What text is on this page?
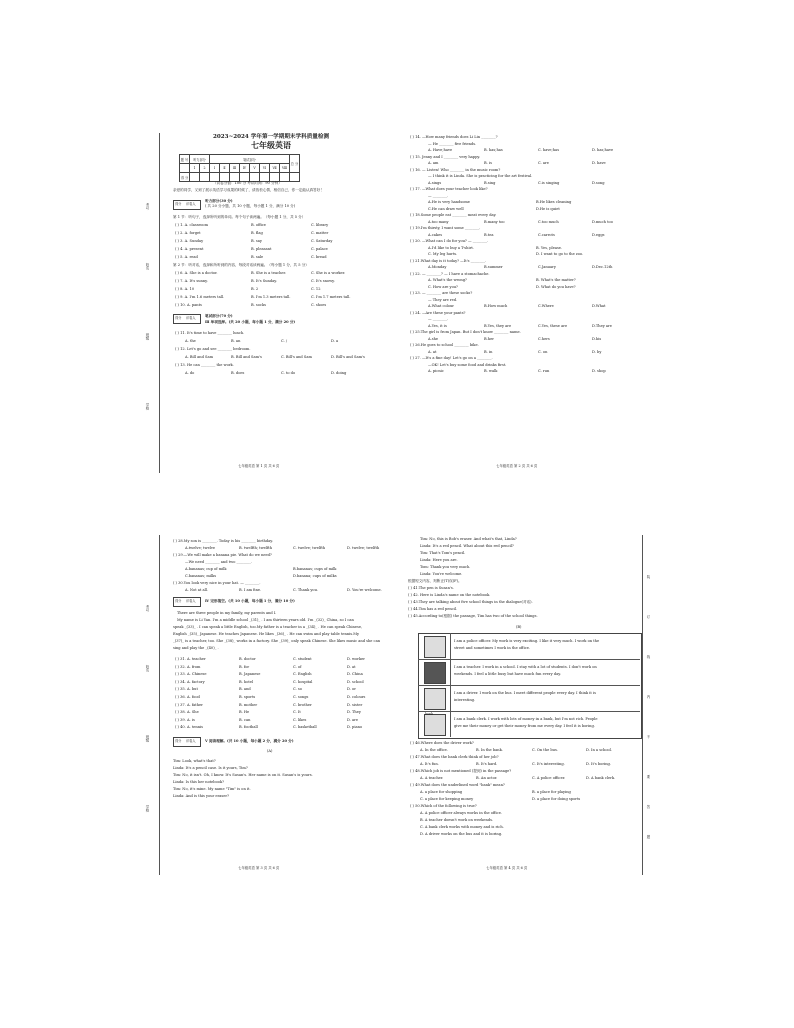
考号
姓名
班级
学校
2023~2024 学年第一学期期末学科质量检测
七年级英语
题 号	听力部分		笔试部分								总 分
	1	2	Ⅰ	Ⅱ	Ⅲ	Ⅳ	Ⅴ	Ⅵ	Ⅶ	Ⅷ	
得 分											
（试卷分值：100 分 考试时间：90 分钟）
亲爱的同学，又到了展示英语学习成果的时候了，请放松心情，相信自己，你一定能认真答好！
得分 评卷人
听力部分(30 分)
( 共 20 分小题，共 10 小题，每小题 1 分，满分 10 分)
第 1 节：听句子，选择所听到的单词。每个句子读两遍。（每小题 1 分，共 5 分）
( ) 1. A. classroom	B. office	C. library
( ) 2. A. forget	B. flag	C. matter
( ) 3. A. Sunday	B. say	C. Saturday
( ) 4. A. present	B. pleasant	C. palace
( ) 5. A. read	B. sale	C. bread
第 2 节：听对话，选择和所听到的内容，每段对话读两遍。（每小题 1 分，共 5 分）
( ) 6. A. She is a doctor.	B. She is a teacher.	C. She is a worker.
( ) 7. A. It's sunny.	B. It's Sunday.	C. It's snowy.
( ) 8. A. 10	B. 2	C. 12
( ) 9. A. I'm 1.6 meters tall.	B. I'm 1.3 meters tall.	C. I'm 1.7 meters tall.
( ) 10. A. pants	B. socks	C. shoes
得分 评卷人	笔试部分(70 分)
Ⅲ 单项选择。(共 20 小题，每小题 1 分，满分 20 分)
( ) 11. It's time to have ________ lunch.
A. the	B. an	C. /	D. a
( ) 12. Let's go and see ________ bedroom.
A. Bill and Sam	B. Bill and Sam's	C. Bill's and Sam	D. Bill's and Sam's
( ) 13. He can ________ the work.
A. do	B. does	C. to do	D. doing
七年级英语 第 1 页 共 6 页
( ) 14. —How many friends does Li Lin ________?
— He ________ five friends.
A. Have;have	B. has;has	C. have;has	D. has;have
( ) 15. Jenny and I ________ very happy.
A. am	B. is	C. are	D. have
( ) 16. — Listen! Who ________ in the music room?
— I think it is Linda. She is practicing for the art festival.
A.sings	B.sing	C.is singing	D.song
( ) 17. —What does your teacher look like?
— ________.
A.He is very handsome	B.He likes cleaning
C.He can draw well	D.He is quiet
( ) 18.Some people eat ________ meat every day.
A.too many	B.many too	C.too much	D.much too
( ) 19.I'm thirsty, I want some ________.
A.cakes	B.tea	C.carrots	D.eggs
( ) 20. —What can I do for you? — ________.
A.I'd like to buy a T-shirt.	B. Yes, please.
C. My leg hurts.	D. I want to go to the zoo.
( ) 21.What day is it today? —It's ________.
A.Monday	B.summer	C.January	D.Dec.12th
( ) 22. — ________? — I have a stomachache.
A. What's the wrong?	B. What's the matter?
C. How are you?	D. What do you have?
( ) 23. — ________ are these socks?
— They are red.
A.What colour	B.How much	C.Where	D.What
( ) 24. —Are these your pants?
— ________.
A.Yes, it is	B.Yes, they are	C.Yes, these are	D.They are
( ) 25.The girl is from Japan. But I don't know ________ name.
A.she	B.her	C.hers	D.his
( ) 26.He goes to school ________ bike.
A. at	B. in	C. on	D. by
( ) 27. —It's a fine day! Let's go on a ________.
—OK! Let's buy some food and drinks first.
A. picnic	B. walk	C. run	D. shop
七年级英语 第 2 页 共 6 页
考号
姓名
班级
学校
( ) 28.My son is ________. Today is his ________ birthday.
A.twelve; twelve	B. twelfth; twelfth	C. twelve; twelfth	D. twelve; twelfth
( ) 29.—We will make a banana pie. What do we need?
—We need ________ and two ________.
A.bananas; cup of milk	B.bananas; cups of milk
C.bananas; milks	D.banana; cups of milks
( ) 30.You look very nice in your hat. — ________.
A. Not at all.	B. I am fine.	C. Thank you.	D. You're welcome.
得分 评卷人	Ⅳ 完形填空。(共 10 小题，每小题 1 分，满分 10 分)
There are three people in my family, my parents and I.
My name is Li Yan. I'm a middle school _(31)_ . I am thirteen years old. I'm _(32)_ China, so I can
speak _(33)_ . I can speak a little English, too.My father is a teacher in a _(34)_ . He can speak Chinese,
English _(35)_ Japanese. He teaches Japanese. He likes _(36)_ . He can swim and play table tennis.My
_(37)_ is a teacher, too. She _(38)_ works in a factory. She _(39)_ only speak Chinese. She likes music and she can
sing and play the _(40)_ .
( ) 31. A. teacher	B. doctor	C. student	D. worker
( ) 32. A. from	B. for	C. of	D. at
( ) 33. A. Chinese	B. Japanese	C. English	D. China
( ) 34. A. factory	B. hotel	C. hospital	D. school
( ) 35. A. but	B. and	C. so	D. or
( ) 36. A. food	B. sports	C. songs	D. colours
( ) 37. A. father	B. mother	C. brother	D. sister
( ) 38. A. She	B. He	C. It	D. They
( ) 39. A. is	B. can	C. likes	D. are
( ) 40. A. tennis	B. football	C. basketball	D. piano
得分 评卷人	Ⅴ 阅读理解。(共 10 小题，每小题 2 分，满分 20 分)
(A)
Tim: Look, what's that?
Linda: It's a pencil case. Is it yours, Tim?
Tim: No, it isn't. Oh, I know. It's Susan's. Her name is on it. Susan's is yours.
Linda: Is this her notebook?
Tim: No, it's mine. My name "Tim" is on it.
Linda: And is this your eraser?
七年级英语 第 3 页 共 6 页
装
订
线
内
不
要
答
题
Tim: No, this is Bob's eraser. And what's that, Linda?
Linda: It's a red pencil. What about this red pencil?
Tim: That's Tom's pencil.
Linda: Here you are.
Tom: Thank you very much.
Linda: You're welcome.
根据短文内容，判断正(T)误(F)。
( ) 41.The pen is Susan's.
( ) 42. Here is Linda's name on the notebook.
( ) 43.They are talking about five school things in the dialogue(对话).
( ) 44.Tim has a red pencil.
( ) 45.According to(根据) the passage, Tim has two of the school things.
(B)
I am a police officer. My work is very exciting. I like it very much. I work on the
street and sometimes I work in the office.
I am a teacher. I work in a school. I stay with a lot of students. I don't work on
weekends. I feel a little busy but have much fun every day.
I am a driver. I work on the bus. I meet different people every day. I think it is
interesting.
bank
I am a bank clerk. I work with lots of money in a bank, but I'm not rich. People
give me their money or get their money from me every day. I feel it is boring.
( ) 46.Where does the driver work?
A. In the office.	B. In the bank.	C. On the bus.	D. In a school.
( ) 47.What does the bank clerk think of her job?
A. It's fun.	B. It's hard.	C. It's interesting.	D. It's boring.
( ) 48.Which job is not mentioned (提到) in the passage?
A. A teacher.	B. An actor.	C. A police officer.	D. A bank clerk.
( ) 49.What does the underlined word "bank" mean?
A. a place for shopping	B. a place for playing
C. a place for keeping money	D. a place for doing sports
( ) 50.Which of the following is true?
A. A police officer always works in the office.
B. A teacher doesn't work on weekends.
C. A bank clerk works with money and is rich.
D. A driver works on the bus and it is boring.
七年级英语 第 4 页 共 6 页
